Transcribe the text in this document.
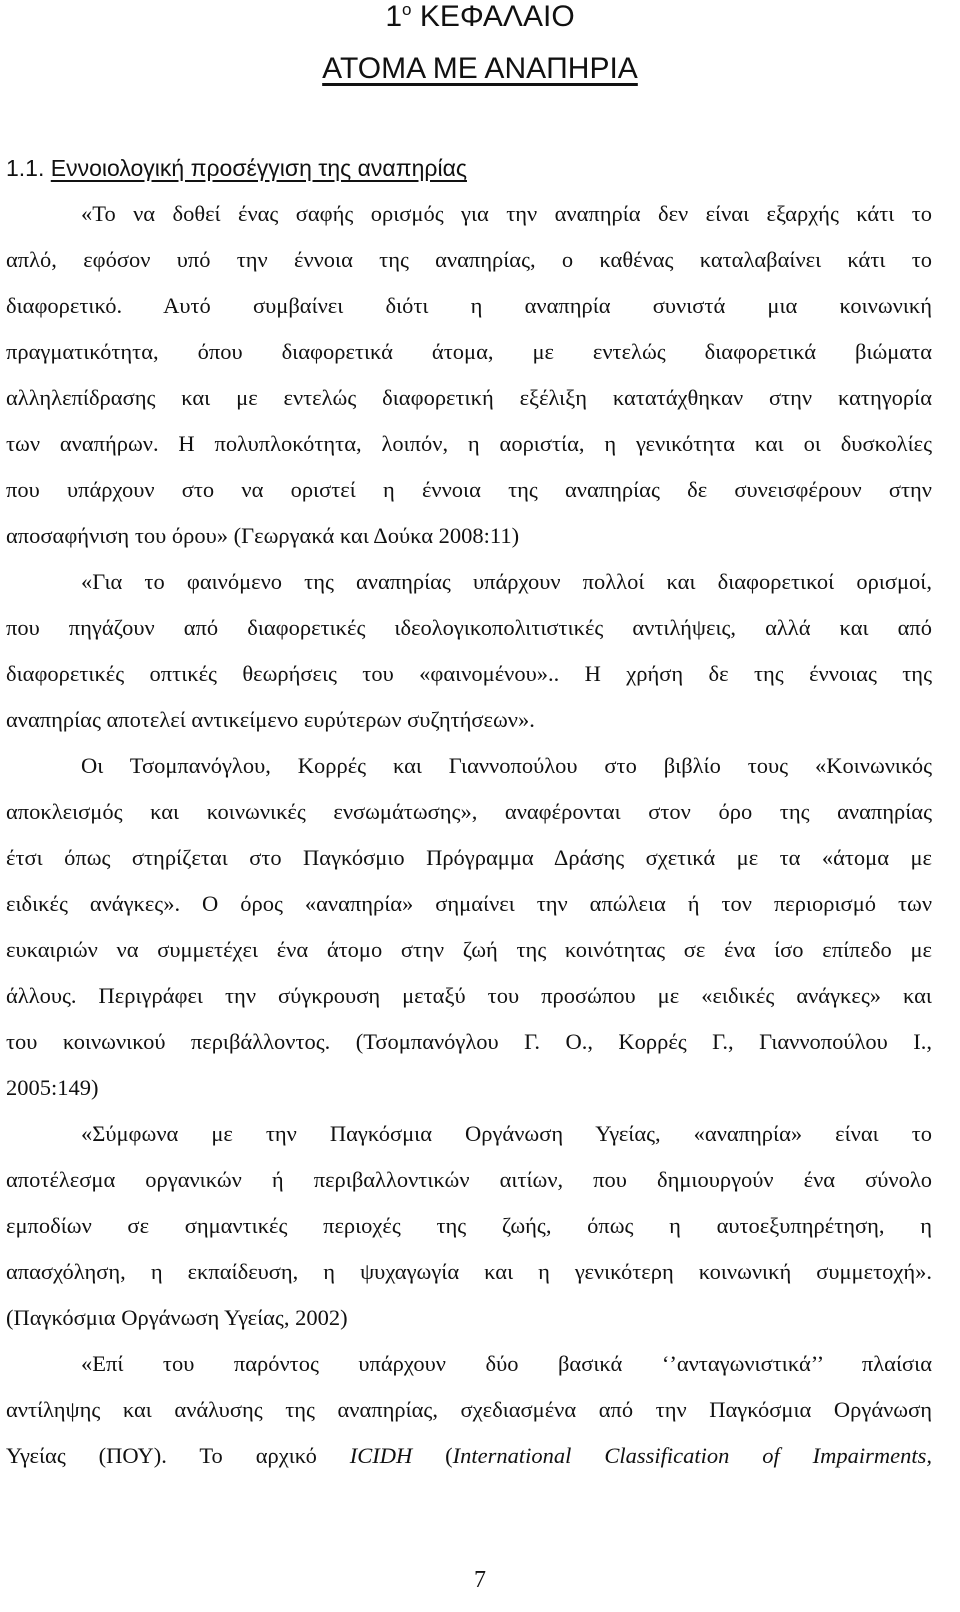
$1^o$ ΚΕΦΑΛΑΙΟ
ΑΤΟΜΑ ΜΕ ΑΝΑΠΗΡΙΑ
1.1. Εννοιολογική προσέγγιση της αναπηρίας
«Το να δοθεί ένας σαφής ορισμός για την αναπηρία δεν είναι εξαρχής κάτι το
απλό, εφόσον υπό την έννοια της αναπηρίας, ο καθένας καταλαβαίνει κάτι το
διαφορετικό. Αυτό συμβαίνει διότι η αναπηρία συνιστά μια κοινωνική
πραγματικότητα, όπου διαφορετικά άτομα, με εντελώς διαφορετικά βιώματα
αλληλεπίδρασης και με εντελώς διαφορετική εξέλιξη κατατάχθηκαν στην κατηγορία
των αναπήρων. Η πολυπλοκότητα, λοιπόν, η αοριστία, η γενικότητα και οι δυσκολίες
που υπάρχουν στο να οριστεί η έννοια της αναπηρίας δε συνεισφέρουν στην
αποσαφήνιση του όρου» (Γεωργακά και Δούκα 2008:11)
«Για το φαινόμενο της αναπηρίας υπάρχουν πολλοί και διαφορετικοί ορισμοί,
που πηγάζουν από διαφορετικές ιδεολογικοπολιτιστικές αντιλήψεις, αλλά και από
διαφορετικές οπτικές θεωρήσεις του «φαινομένου».. Η χρήση δε της έννοιας της
αναπηρίας αποτελεί αντικείμενο ευρύτερων συζητήσεων».
Οι Τσομπανόγλου, Κορρές και Γιαννοπούλου στο βιβλίο τους «Κοινωνικός
αποκλεισμός και κοινωνικές ενσωμάτωσης», αναφέρονται στον όρο της αναπηρίας
έτσι όπως στηρίζεται στο Παγκόσμιο Πρόγραμμα Δράσης σχετικά με τα «άτομα με
ειδικές ανάγκες». Ο όρος «αναπηρία» σημαίνει την απώλεια ή τον περιορισμό των
ευκαιριών να συμμετέχει ένα άτομο στην ζωή της κοινότητας σε ένα ίσο επίπεδο με
άλλους. Περιγράφει την σύγκρουση μεταξύ του προσώπου με «ειδικές ανάγκες» και
του κοινωνικού περιβάλλοντος. (Τσομπανόγλου Γ. Ο., Κορρές Γ., Γιαννοπούλου Ι.,
2005:149)
«Σύμφωνα με την Παγκόσμια Οργάνωση Υγείας, «αναπηρία» είναι το
αποτέλεσμα οργανικών ή περιβαλλοντικών αιτίων, που δημιουργούν ένα σύνολο
εμποδίων σε σημαντικές περιοχές της ζωής, όπως η αυτοεξυπηρέτηση, η
απασχόληση, η εκπαίδευση, η ψυχαγωγία και η γενικότερη κοινωνική συμμετοχή».
(Παγκόσμια Οργάνωση Υγείας, 2002)
«Επί του παρόντος υπάρχουν δύο βασικά ‘’ανταγωνιστικά’’ πλαίσια
αντίληψης και ανάλυσης της αναπηρίας, σχεδιασμένα από την Παγκόσμια Οργάνωση
Υγείας (ΠΟΥ). Το αρχικό ICIDH (International Classification of Impairments,
7
